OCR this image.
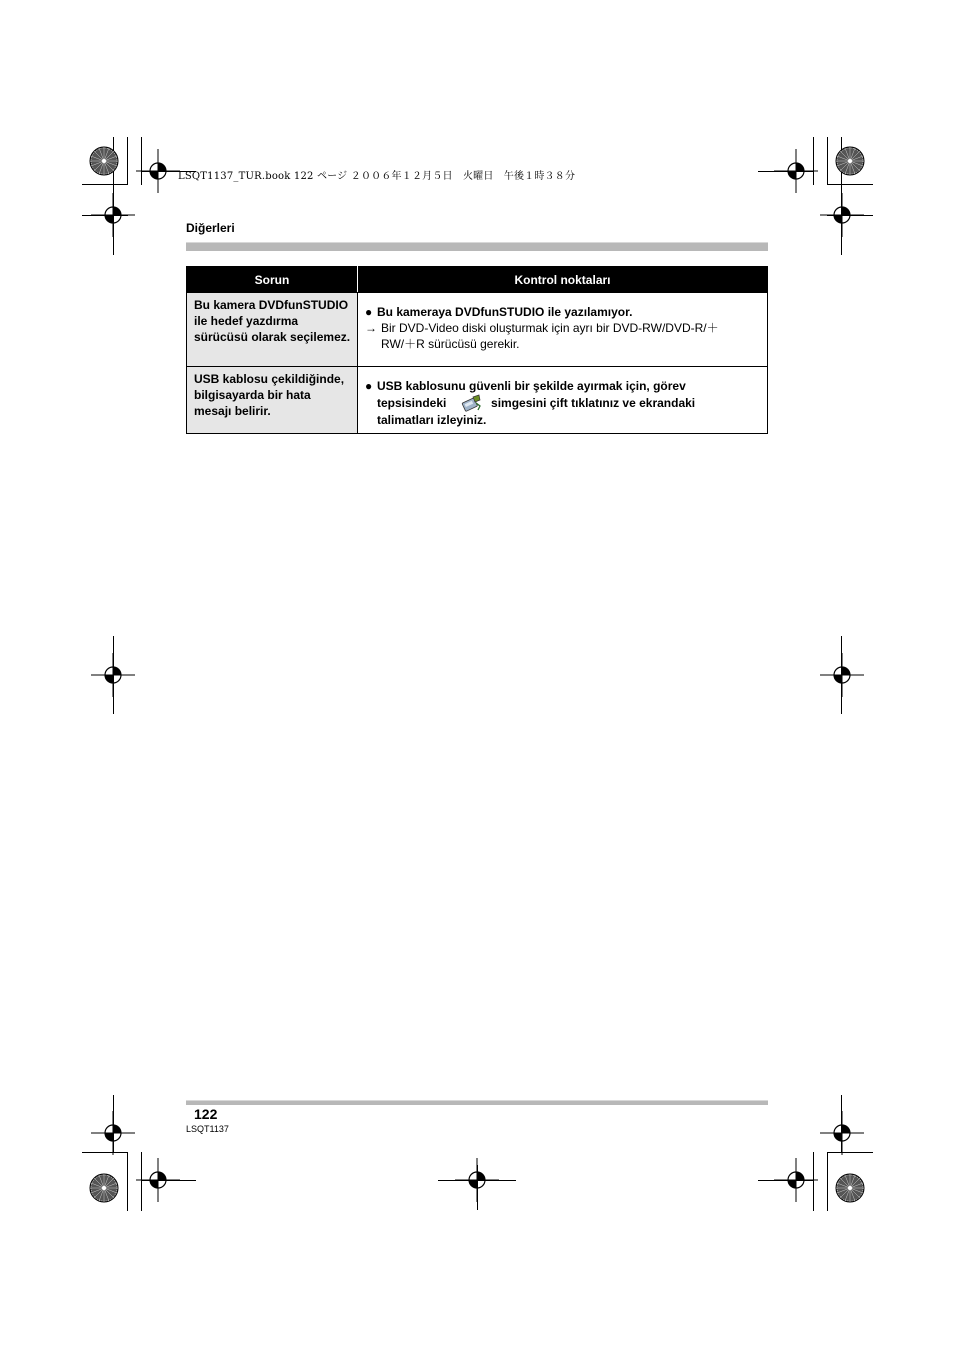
LSQT1137_TUR.book 122 ページ ２００６年１２月５日　火曜日　午後１時３８分
Diğerleri
Sorun	Kontrol noktaları
Bu kamera DVDfunSTUDIO ile hedef yazdırma sürücüsü olarak seçilemez.	● Bu kameraya DVDfunSTUDIO ile yazılamıyor.
→ Bir DVD-Video diski oluşturmak için ayrı bir DVD-RW/DVD-R/＋RW/＋R sürücüsü gerekir.

USB kablosu çekildiğinde, bilgisayarda bir hata mesajı belirir.	● USB kablosunu güvenli bir şekilde ayırmak için, görev tepsisindeki simgesini çift tıklatınız ve ekrandaki talimatları izleyiniz.
122
LSQT1137
